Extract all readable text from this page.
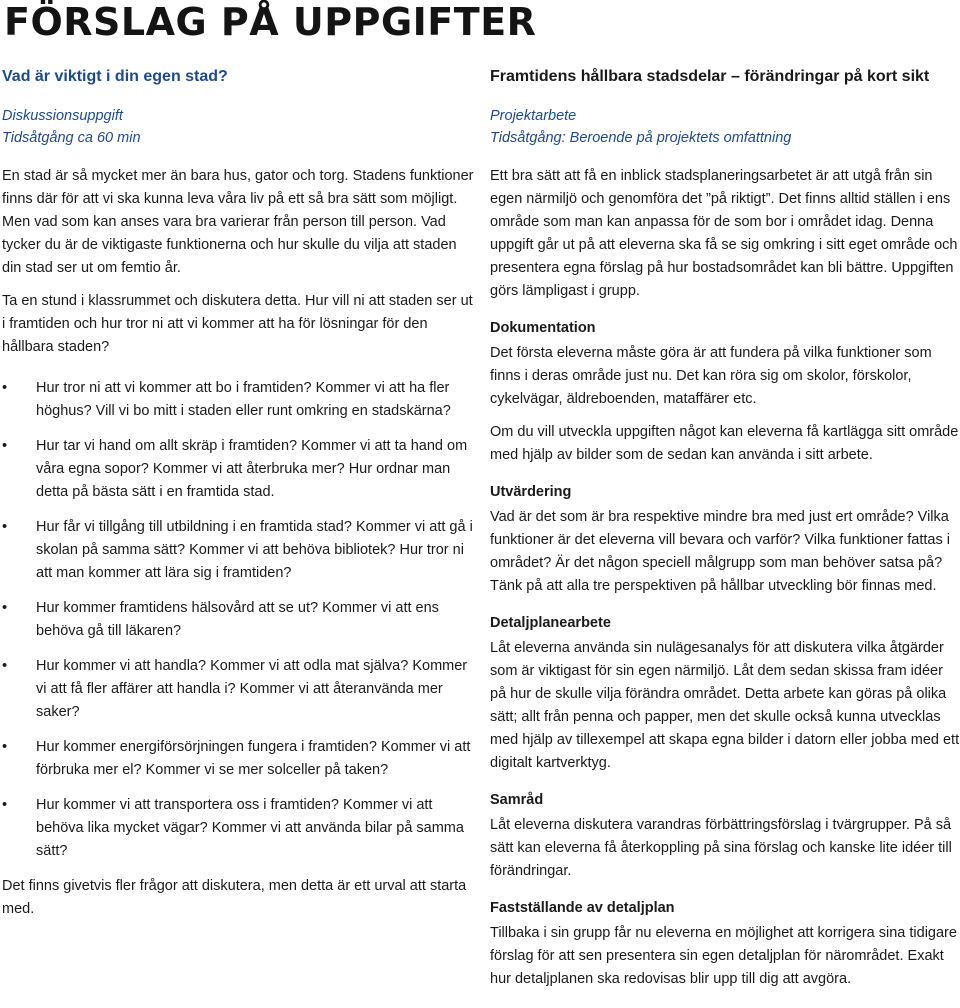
FÖRSLAG PÅ UPPGIFTER
Vad är viktigt i din egen stad?
Diskussionsuppgift
Tidsåtgång ca 60 min

En stad är så mycket mer än bara hus, gator och torg. Stadens funktioner finns där för att vi ska kunna leva våra liv på ett så bra sätt som möjligt. Men vad som kan anses vara bra varierar från person till person. Vad tycker du är de viktigaste funktionerna och hur skulle du vilja att staden din stad ser ut om femtio år.

Ta en stund i klassrummet och diskutera detta. Hur vill ni att staden ser ut i framtiden och hur tror ni att vi kommer att ha för lösningar för den hållbara staden?

• Hur tror ni att vi kommer att bo i framtiden? Kommer vi att ha fler höghus? Vill vi bo mitt i staden eller runt omkring en stadskärna?
• Hur tar vi hand om allt skräp i framtiden? Kommer vi att ta hand om våra egna sopor? Kommer vi att återbruka mer? Hur ordnar man detta på bästa sätt i en framtida stad.
• Hur får vi tillgång till utbildning i en framtida stad? Kommer vi att gå i skolan på samma sätt? Kommer vi att behöva bibliotek? Hur tror ni att man kommer att lära sig i framtiden?
• Hur kommer framtidens hälsovård att se ut? Kommer vi att ens behöva gå till läkaren?
• Hur kommer vi att handla? Kommer vi att odla mat själva? Kommer vi att få fler affärer att handla i? Kommer vi att återanvända mer saker?
• Hur kommer energiförsörjningen fungera i framtiden? Kommer vi att förbruka mer el? Kommer vi se mer solceller på taken?
• Hur kommer vi att transportera oss i framtiden? Kommer vi att behöva lika mycket vägar? Kommer vi att använda bilar på samma sätt?

Det finns givetvis fler frågor att diskutera, men detta är ett urval att starta med.

Framtidens hållbara stadsdelar – förändringar på kort sikt
Projektarbete
Tidsåtgång: Beroende på projektets omfattning

Ett bra sätt att få en inblick stadsplaneringsarbetet är att utgå från sin egen närmiljö och genomföra det ”på riktigt”. Det finns alltid ställen i ens område som man kan anpassa för de som bor i området idag. Denna uppgift går ut på att eleverna ska få se sig omkring i sitt eget område och presentera egna förslag på hur bostadsområdet kan bli bättre. Uppgiften görs lämpligast i grupp.

Dokumentation

Det första eleverna måste göra är att fundera på vilka funktioner som finns i deras område just nu. Det kan röra sig om skolor, förskolor, cykelvägar, äldreboenden, mataffärer etc.

Om du vill utveckla uppgiften något kan eleverna få kartlägga sitt område med hjälp av bilder som de sedan kan använda i sitt arbete.

Utvärdering

Vad är det som är bra respektive mindre bra med just ert område? Vilka funktioner är det eleverna vill bevara och varför? Vilka funktioner fattas i området? Är det någon speciell målgrupp som man behöver satsa på? Tänk på att alla tre perspektiven på hållbar utveckling bör finnas med.

Detaljplanearbete

Låt eleverna använda sin nulägesanalys för att diskutera vilka åtgärder som är viktigast för sin egen närmiljö. Låt dem sedan skissa fram idéer på hur de skulle vilja förändra området. Detta arbete kan göras på olika sätt; allt från penna och papper, men det skulle också kunna utvecklas med hjälp av tillexempel att skapa egna bilder i datorn eller jobba med ett digitalt kartverktyg.

Samråd

Låt eleverna diskutera varandras förbättringsförslag i tvärgrupper. På så sätt kan eleverna få återkoppling på sina förslag och kanske lite idéer till förändringar.

Fastställande av detaljplan

Tillbaka i sin grupp får nu eleverna en möjlighet att korrigera sina tidigare förslag för att sen presentera sin egen detaljplan för närområdet. Exakt hur detaljplanen ska redovisas blir upp till dig att avgöra.
